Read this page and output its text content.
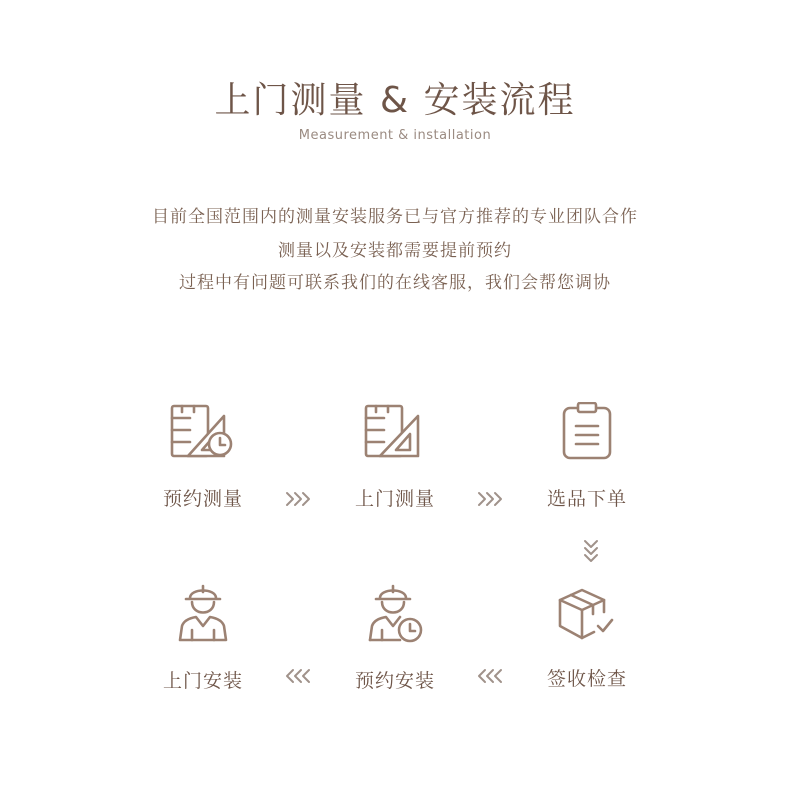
上门测量 & 安装流程
Measurement & installation
目前全国范围内的测量安装服务已与官方推荐的专业团队合作
测量以及安装都需要提前预约
过程中有问题可联系我们的在线客服，我们会帮您调协
预约测量	上门测量	选品下单
签收检查
预约安装
上门安装
